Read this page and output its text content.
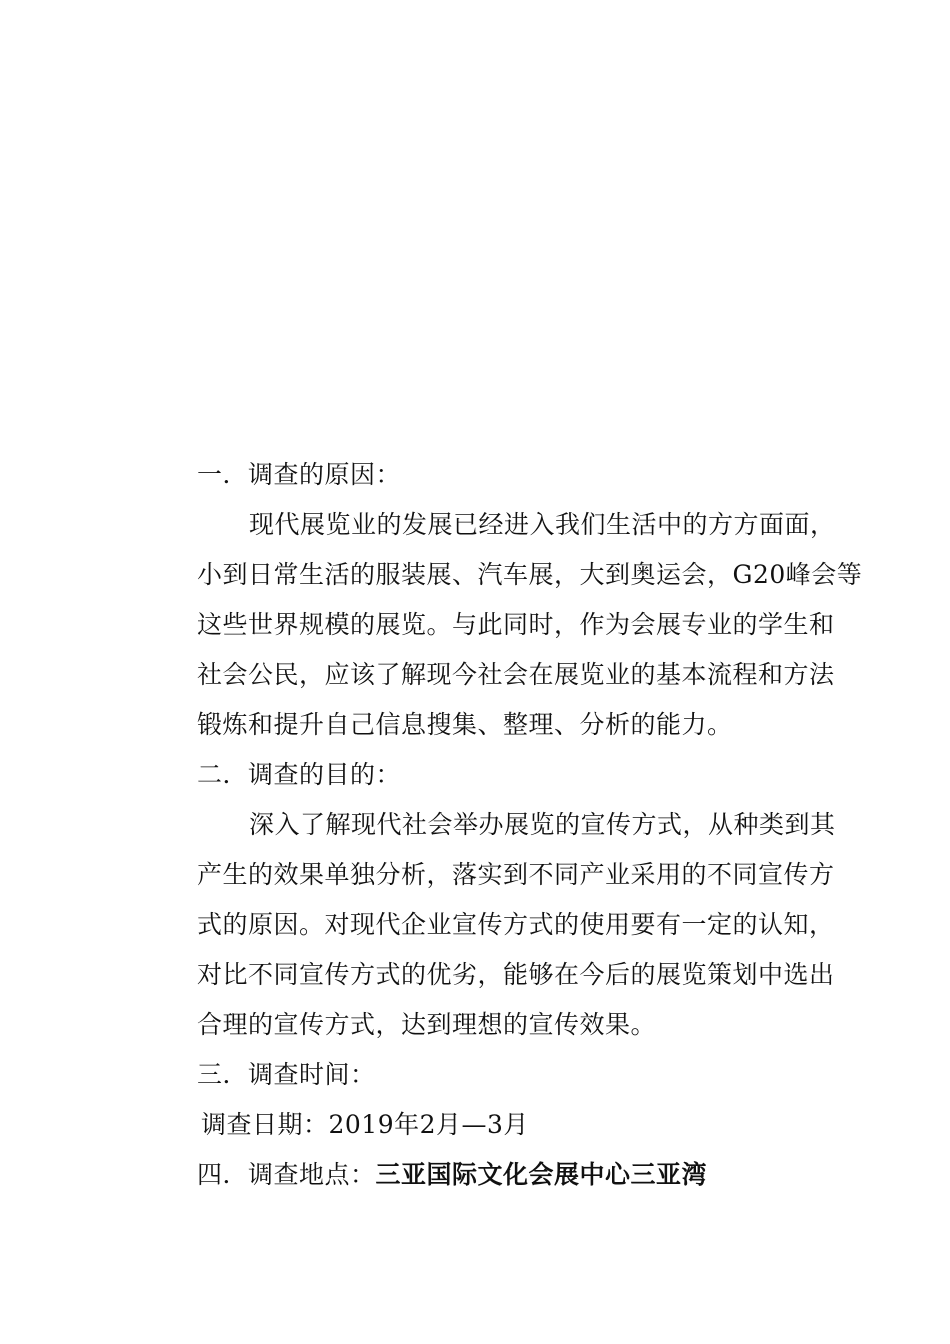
一．调查的原因：

现代展览业的发展已经进入我们生活中的方方面面，
小到日常生活的服装展、汽车展，大到奥运会，G20峰会等
这些世界规模的展览。与此同时，作为会展专业的学生和
社会公民，应该了解现今社会在展览业的基本流程和方法
锻炼和提升自己信息搜集、整理、分析的能力。

二．调查的目的：

深入了解现代社会举办展览的宣传方式，从种类到其
产生的效果单独分析，落实到不同产业采用的不同宣传方
式的原因。对现代企业宣传方式的使用要有一定的认知，
对比不同宣传方式的优劣，能够在今后的展览策划中选出
合理的宣传方式，达到理想的宣传效果。

三．调查时间：

调查日期：2019年2月—3月

四．调查地点：三亚国际文化会展中心三亚湾
